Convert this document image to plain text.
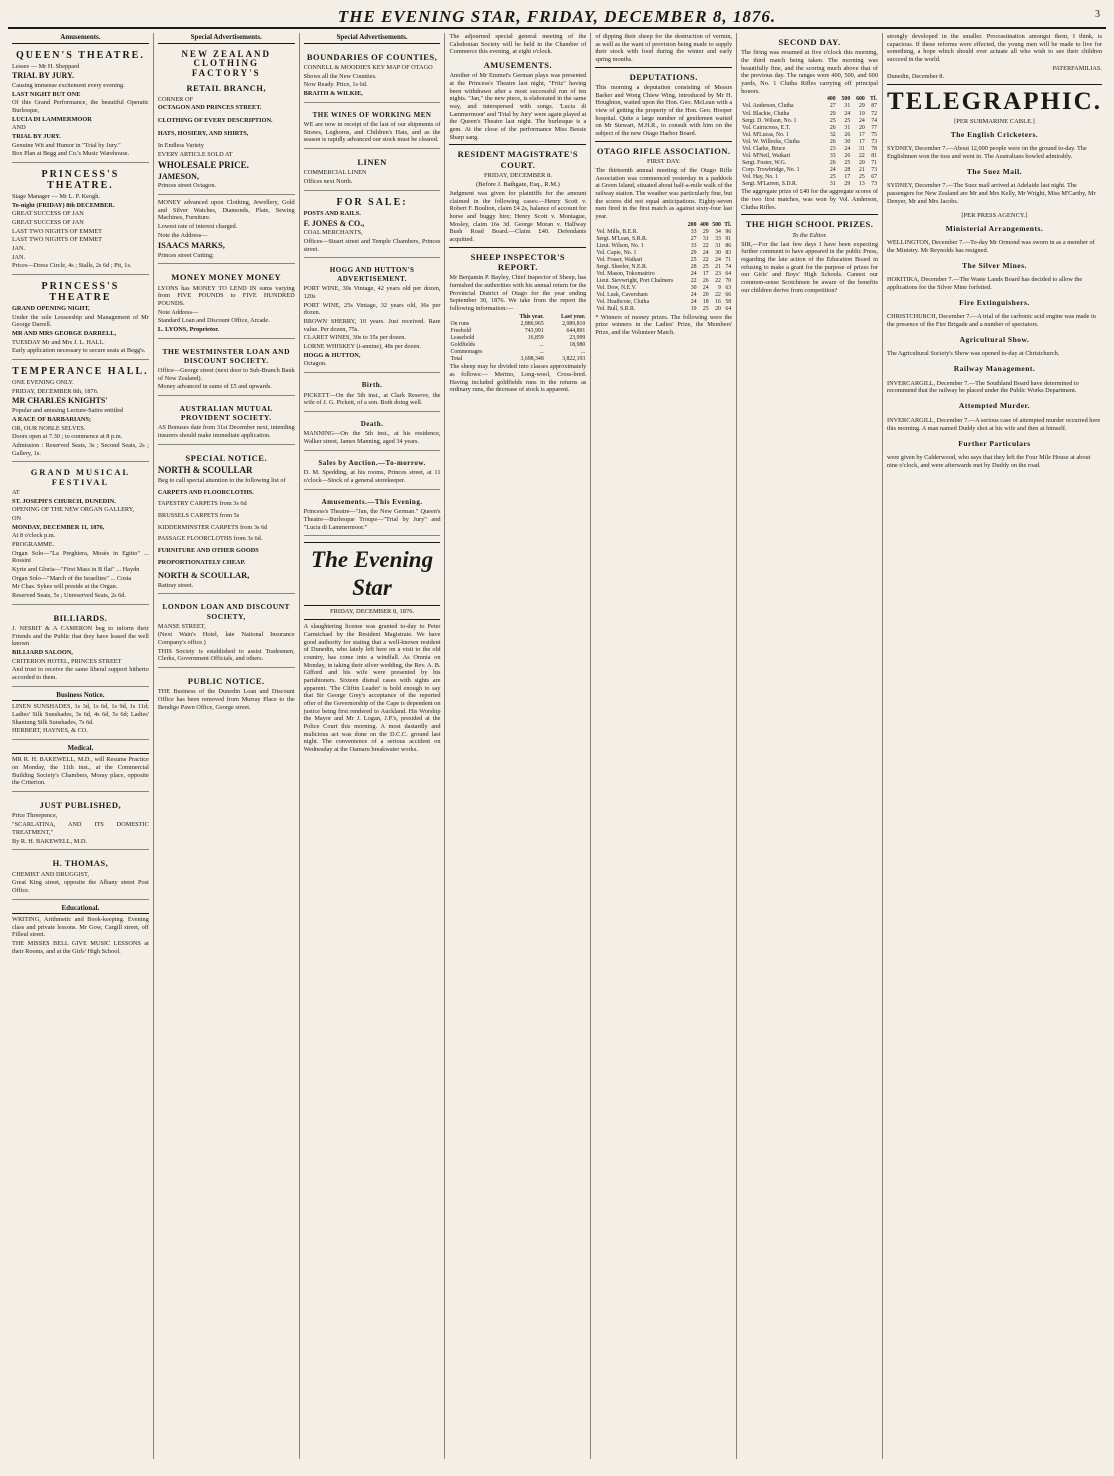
THE EVENING STAR, FRIDAY, DECEMBER 8, 1876.	3
Amusements.
QUEEN'S THEATRE.

Lessee — Mr H. Sheppard

TRIAL BY JURY.

Causing immense excitement every evening.

LAST NIGHT BUT ONE

Of this Grand Performance, the beautiful Operatic Burlesque,

LUCIA DI LAMMERMOOR

AND

TRIAL BY JURY.

Genuine Wit and Humor in "Trial by Jury."

Box Plan at Begg and Co.'s Music Warehouse.

PRINCESS'S THEATRE.

Stage Manager — Mr L. P. Keogh.

To-night (FRIDAY) 8th DECEMBER.

GREAT SUCCESS OF JAN

GREAT SUCCESS OF JAN

LAST TWO NIGHTS OF EMMET

LAST TWO NIGHTS OF EMMET

JAN.

JAN.

Prices—Dress Circle, 4s ; Stalls, 2s 6d ; Pit, 1s.

PRINCESS'S THEATRE

GRAND OPENING NIGHT,

Under the sole Lesseeship and Management of Mr George Darrell.

MR AND MRS GEORGE DARRELL,

TUESDAY Mr and Mrs J. L. HALL.

Early application necessary to secure seats at Begg's.

TEMPERANCE HALL.

ONE EVENING ONLY.

FRIDAY, DECEMBER 8th, 1876.

MR CHARLES KNIGHTS'

Popular and amusing Lecture-Satire entitled

A RACE OF BARBARIANS;

OR, OUR NOBLE SELVES.

Doors open at 7.30 ; to commence at 8 p.m.

Admission : Reserved Seats, 3s ; Second Seats, 2s ; Gallery, 1s.

GRAND MUSICAL FESTIVAL

AT

ST. JOSEPH'S CHURCH, DUNEDIN.

OPENING OF THE NEW ORGAN GALLERY,

ON

MONDAY, DECEMBER 11, 1876,

At 8 o'clock p.m.

PROGRAMME.

Organ Solo—"La Preghiera, Mosès in Egitto" ... Rossini

Kyrie and Gloria—"First Mass in B flat" ... Haydn

Organ Solo—"March of the Israelites" ... Costa

Mr Chas. Sykes will preside at the Organ.

Reserved Seats, 5s ; Unreserved Seats, 2s 6d.

BILLIARDS.

J. NESBIT & A CAMERON beg to inform their Friends and the Public that they have leased the well known

BILLIARD SALOON,

CRITERION HOTEL, PRINCES STREET

And trust to receive the same liberal support hitherto accorded to them.

Business Notice.

LINEN SUNSHADES, 1s 3d, 1s 6d, 1s 9d, 1s 11d; Ladies' Silk Sunshades, 3s 6d, 4s 6d, 5s 6d; Ladies' Shantung Silk Sunshades, 7s 6d.

HERBERT, HAYNES, & CO.

Medical.

MR R. H. BAKEWELL, M.D., will Resume Practice on Monday, the 11th inst., at the Commercial Building Society's Chambers, Moray place, opposite the Criterion.

JUST PUBLISHED,

Price Threepence,

"SCARLATINA, AND ITS DOMESTIC TREATMENT,"

By R. H. BAKEWELL, M.D.

H. THOMAS,

CHEMIST AND DRUGGIST,

Great King street, opposite the Albany street Post Office.

Educational.

WRITING, Arithmetic and Book-keeping. Evening class and private lessons. Mr Gow, Cargill street, off Filleul street.

THE MISSES BELL GIVE MUSIC LESSONS at their Rooms, and at the Girls' High School.

Special Advertisements.
NEW ZEALAND CLOTHING FACTORY'S
RETAIL BRANCH,

CORNER OF

OCTAGON AND PRINCES STREET.

CLOTHING OF EVERY DESCRIPTION.

HATS, HOSIERY, AND SHIRTS,

In Endless Variety

EVERY ARTICLE SOLD AT

WHOLESALE PRICE.

JAMESON,

Princes street Octagon.

MONEY advanced upon Clothing, Jewellery, Gold and Silver Watches, Diamonds, Plate, Sewing Machines, Furniture.

Lowest rate of interest charged.

Note the Address—

ISAACS MARKS,

Princes street Cutting;

MONEY MONEY MONEY

LYONS has MONEY TO LEND IN sums varying from FIVE POUNDS to FIVE HUNDRED POUNDS.

Note Address—

Standard Loan and Discount Office, Arcade.

L. LYONS, Proprietor.

THE WESTMINSTER LOAN AND DISCOUNT SOCIETY.

Office—George street (next door to Sub-Branch Bank of New Zealand).

Money advanced in sums of £5 and upwards.

AUSTRALIAN MUTUAL PROVIDENT SOCIETY.

AS Bonuses date from 31st December next, intending insurers should make immediate application.

SPECIAL NOTICE.

NORTH & SCOULLAR

Beg to call special attention to the following list of

CARPETS AND FLOORCLOTHS.

TAPESTRY CARPETS from 3s 6d

BRUSSELS CARPETS from 5s

KIDDERMINSTER CARPETS from 3s 6d

PASSAGE FLOORCLOTHS from 3s 6d.

FURNITURE AND OTHER GOODS

PROPORTIONATELY CHEAP.

NORTH & SCOULLAR,

Rattray street.

LONDON LOAN AND DISCOUNT SOCIETY,

MANSE STREET,

(Next Wain's Hotel, late National Insurance Company's office.)

THIS Society is established to assist Tradesmen, Clerks, Government Officials, and others.

PUBLIC NOTICE.

THE Business of the Dunedin Loan and Discount Office has been removed from Murray Place to the Bendigo Pawn Office, George street.

Special Advertisements.
BOUNDARIES OF COUNTIES,

CONNELL & MOODIE'S KEY MAP OF OTAGO

Shows all the New Counties.

Now Ready. Price, 1s 6d.

BRAITH & WILKIE,

THE WINES OF WORKING MEN

WE are now in receipt of the last of our shipments of Straws, Leghorns, and Children's Hats, and as the season is rapidly advanced our stock must be cleared.

LINEN

COMMERCIAL LINEN

Offices next North.

FOR SALE:

POSTS AND RAILS.

F. JONES & CO.,

COAL MERCHANTS,

Offices—Stuart street and Temple Chambers, Princes street.

HOGG AND HUTTON'S ADVERTISEMENT.

PORT WINE, 30s Vintage, 42 years old per dozen, 120s

PORT WINE, 25s Vintage, 32 years old, 36s per dozen.

BROWN SHERRY, 10 years. Just received. Rare value. Per dozen, 75s.

CLARET WINES, 30s to 35s per dozen.

LORNE WHISKEY (i-annine), 48s per dozen.

HOGG & HUTTON,

Octagon.

Birth.

PICKETT—On the 5th inst., at Clark Reserve, the wife of J. G. Pickett, of a son. Both doing well.

Death.

MANNING—On the 5th inst., at his residence, Walker street, James Manning, aged 34 years.

Sales by Auction.—To-morrow.

D. M. Spedding, at his rooms, Princes street, at 11 o'clock—Stock of a general storekeeper.

Amusements.—This Evening.

Princess's Theatre—"Jan, the New German." Queen's Theatre—Burlesque Troupe—"Trial by Jury" and "Lucia di Lammermoor."

The Evening Star
FRIDAY, DECEMBER 8, 1876.

A slaughtering license was granted to-day to Peter Carmichael by the Resident Magistrate. We have good authority for stating that a well-known resident of Dunedin, who lately left here on a visit to the old country, has come into a windfall. As Omnia on Monday, in taking their silver wedding, the Rev. A. B. Gifford and his wife were presented by his parishioners. Sixteen dismal cases with sights are apparent. 'The Cliftin Leader' is bold enough to say that Sir George Grey's acceptance of the reported offer of the Governorship of the Cape is dependent on justice being first rendered to Auckland. His Worship the Mayor and Mr J. Logan, J.P.'s, presided at the Police Court this morning. A most dastardly and malicious act was done on the D.C.C. ground last night. The convenience of a serious accident on Wednesday at the Oamaru breakwater works.

The adjourned special general meeting of the Caledonian Society will be held in the Chamber of Commerce this evening, at eight o'clock.

AMUSEMENTS.

Another of Mr Emmet's German plays was presented at the Princess's Theatre last night, "Fritz" having been withdrawn after a most successful run of ten nights. "Jan," the new piece, is elaborated in the same way, and interspersed with songs. 'Lucia di Lammermoor' and 'Trial by Jury' were again played at the Queen's Theatre last night. The burlesque is a gem. At the close of the performance Miss Bessie Sharp sang.

RESIDENT MAGISTRATE'S COURT.
FRIDAY, DECEMBER 8.
(Before J. Bathgate, Esq., R.M.)

Judgment was given for plaintiffs for the amount claimed in the following cases:—Henry Scott v. Robert F. Boulton, claim £4 2s, balance of account for horse and buggy hire; Henry Scott v. Montague, Mosley, claim 16s 3d. George Moran v. Halfway Bush Road Board.—Claim £40. Defendants acquitted.

SHEEP INSPECTOR'S REPORT.

Mr Benjamin P. Bayley, Chief Inspector of Sheep, has furnished the authorities with his annual return for the Provincial District of Otago for the year ending September 30, 1876. We take from the report the following information:—

	This year.	Last year.
On runs	2,886,965	2,989,810
Freehold	743,991	644,891
Leasehold	16,859	23,999
Goldfields	...	18,980
Commonages	...	...
Total	3,698,348	3,822,193

The sheep may be divided into classes approximately as follows:— Merino, Long-wool, Cross-bred. Having included goldfields runs in the returns as ordinary runs, the decrease of stock is apparent.

of dipping their sheep for the destruction of vermin, as well as the want of provision being made to supply their stock with food during the winter and early spring months.

DEPUTATIONS.

This morning a deputation consisting of Messrs Barker and Wong Chiew Wing, introduced by Mr H. Houghton, waited upon the Hon. Geo. McLean with a view of getting the property of the Hon. Geo. Hooper hospital. Quite a large number of gentlemen waited on Mr Stewart, M.H.R., to consult with him on the subject of the new Otago Harbor Board.

OTAGO RIFLE ASSOCIATION.
FIRST DAY.

The thirteenth annual meeting of the Otago Rifle Association was commenced yesterday in a paddock at Green Island, situated about half-a-mile walk of the railway station. The weather was particularly fine, but the scores did not equal anticipations. Eighty-seven men fired in the first match as against sixty-four last year.

	200	400	500	Tl.
Vol. Mills, B.E.R.	33	29	34	96
Sergt. M'Lean, S.R.R.	27	31	33	91
Lieut. Wilson, No. 1	33	22	31	86
Vol. Capie, No. 1	29	24	30	83
Vol. Fraser, Waikari	25	22	24	71
Sergt. Sheeler, N.E.R.	28	25	21	74
Vol. Mason, Tokomairiro	24	17	23	64
Lieut. Sievwright, Port Chalmers	22	26	22	70
Vol. Dow, N.E.V.	30	24	9	63
Vol. Lusk, Caversham	24	20	22	66
Vol. Heathcote, Clutha	24	18	16	58
Vol. Bull, S.R.R.	19	25	20	64

* Winners of money prizes. The following were the prize winners in the Ladies' Prize, the Members' Prize, and the Volunteer Match.

SECOND DAY.

The firing was resumed at five o'clock this morning, the third match being taken. The morning was beautifully fine, and the scoring much above that of the previous day. The ranges were 400, 500, and 600 yards, No. 1 Clutha Rifles carrying off principal honors.

	400	500	600	Tl.
Vol. Anderson, Clutha	27	31	29	87
Vol. Blackie, Clutha	29	24	19	72
Sergt. D. Wilson, No. 1	25	25	24	74
Vol. Cairncross, E.T.	26	31	20	77
Vol. M'Lucas, No. 1	32	26	17	75
Vol. W. Willocks, Clutha	26	30	17	73
Vol. Clarke, Bruce	23	24	31	78
Vol. M'Neil, Waikari	33	26	22	81
Sergt. Foster, W.G.	26	25	20	71
Corp. Trowbridge, No. 1	24	28	21	73
Vol. Hay, No. 1	25	17	25	67
Sergt. M'Larren, S.D.R.	31	29	13	73

The aggregate prize of £40 for the aggregate scores of the two first matches, was won by Vol. Anderson, Clutha Rifles.

THE HIGH SCHOOL PRIZES.
To the Editor.

SIR,—For the last few days I have been expecting further comment to have appeared in the public Press, regarding the late action of the Education Board in refusing to make a grant for the purpose of prizes for our Girls' and Boys' High Schools. Cannot our common-sense Scotchmen be aware of the benefits our children derive from competition?

strongly developed in the smaller. Procrastination amongst them, I think, is capacious. If these reforms were effected, the young men will be made to live for something, a hope which should ever actuate all who wish to see their children succeed in the world.

PATERFAMILIAS.

Dunedin, December 8.

TELEGRAPHIC.
[PER SUBMARINE CABLE.]
The English Cricketers.

SYDNEY, December 7.—About 12,000 people were on the ground to-day. The Englishmen won the toss and went in. The Australians bowled admirably.

The Suez Mail.

SYDNEY, December 7.—The Suez mail arrived at Adelaide last night. The passengers for New Zealand are Mr and Mrs Kelly, Mr Wright, Miss M'Carthy, Mr Denyer, Mr and Mrs Jacobs.

[PER PRESS AGENCY.]
Ministerial Arrangements.

WELLINGTON, December 7.—To-day Mr Ormond was sworn in as a member of the Ministry. Mr Reynolds has resigned.

The Silver Mines.

HOKITIKA, December 7.—The Waste Lands Board has decided to allow the applications for the Silver Mine forfeited.

Fire Extinguishers.

CHRISTCHURCH, December 7.—A trial of the carbonic acid engine was made in the presence of the Fire Brigade and a number of spectators.

Agricultural Show.

The Agricultural Society's Show was opened to-day at Christchurch.

Railway Management.

INVERCARGILL, December 7.—The Southland Board have determined to recommend that the railway be placed under the Public Works Department.

Attempted Murder.

INVERCARGILL, December 7.—A serious case of attempted murder occurred here this morning. A man named Duddy shot at his wife and then at himself.

Further Particulars

were given by Calderwood, who says that they left the Four Mile House at about nine o'clock, and were afterwards met by Duddy on the road.
